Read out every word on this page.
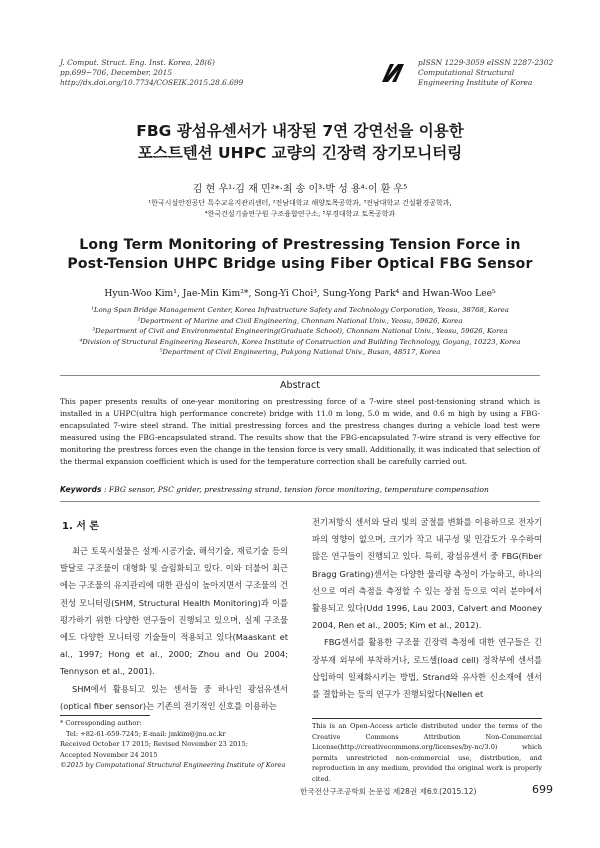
J. Comput. Struct. Eng. Inst. Korea, 28(6)
pp.699~706, December, 2015
http://dx.doi.org/10.7734/COSEIK.2015.28.6.699
pISSN 1229-3059 eISSN 2287-2302
Computational Structural
Engineering Institute of Korea
FBG 광섬유센서가 내장된 7연 강연선을 이용한
포스트텐션 UHPC 교량의 긴장력 장기모니터링
김 현 우¹·김 재 민²*·최 송 이³·박 성 용⁴·이 환 우⁵
¹한국시설안전공단 특수교유지관리센터, ²전남대학교 해양토목공학과, ³전남대학교 건설환경공학과,
⁴한국건설기술연구원 구조융합연구소, ⁵부경대학교 토목공학과
Long Term Monitoring of Prestressing Tension Force in
Post-Tension UHPC Bridge using Fiber Optical FBG Sensor
Hyun-Woo Kim¹, Jae-Min Kim²*, Song-Yi Choi³, Sung-Yong Park⁴ and Hwan-Woo Lee⁵
¹Long Span Bridge Management Center, Korea Infrastructure Safety and Technology Corporation, Yeosu, 38768, Korea
²Department of Marine and Civil Engineering, Chonnam National Univ., Yeosu, 59626, Korea
³Department of Civil and Environmental Engineering(Graduate School), Chonnam National Univ., Yeosu, 59626, Korea
⁴Division of Structural Engineering Research, Korea Institute of Construction and Building Technology, Goyang, 10223, Korea
⁵Department of Civil Engineering, Pukyong National Univ., Busan, 48517, Korea
Abstract
This paper presents results of one-year monitoring on prestressing force of a 7-wire steel post-tensioning strand which is installed in a UHPC(ultra high performance concrete) bridge with 11.0 m long, 5.0 m wide, and 0.6 m high by using a FBG-encapsulated 7-wire steel strand. The initial prestressing forces and the prestress changes during a vehicle load test were measured using the FBG-encapsulated strand. The results show that the FBG-encapsulated 7-wire strand is very effective for monitoring the prestress forces even the change in the tension force is very small. Additionally, it was indicated that selection of the thermal expansion coefficient which is used for the temperature correction shall be carefully carried out.
Keywords : FBG sensor, PSC grider, prestressing strand, tension force monitoring, temperature compensation
1. 서 론

최근 토목시설물은 설계·시공기술, 해석기술, 재료기술 등의 발달로 구조물이 대형화 및 슬림화되고 있다. 이와 더불어 최근에는 구조물의 유지관리에 대한 관심이 높아지면서 구조물의 건전성 모니터링(SHM, Structural Health Monitoring)과 이를 평가하기 위한 다양한 연구들이 진행되고 있으며, 실제 구조물에도 다양한 모니터링 기술들이 적용되고 있다(Maaskant et al., 1997; Hong et al., 2000; Zhou and Ou 2004; Tennyson et al., 2001).

SHM에서 활용되고 있는 센서들 중 하나인 광섬유센서(optical fiber sensor)는 기존의 전기적인 신호를 이용하는

전기저항식 센서와 달리 빛의 굴절를 변화를 이용하므로 전자기파의 영향이 없으며, 크기가 작고 내구성 및 민감도가 우수하여 많은 연구들이 진행되고 있다. 특히, 광섬유센서 중 FBG(Fiber Bragg Grating)센서는 다양한 물리량 측정이 가능하고, 하나의 선으로 여러 측점을 측정할 수 있는 장점 등으로 여러 분야에서 활용되고 있다(Udd 1996, Lau 2003, Calvert and Mooney 2004, Ren et al., 2005; Kim et al., 2012).

FBG센서를 활용한 구조물 긴장력 측정에 대한 연구들은 긴장부재 외부에 부착하거나, 로드셀(load cell) 정착부에 센서를 삽입하여 일체화시키는 방법, Strand와 유사한 신소재에 센서를 결합하는 등의 연구가 진행되었다(Nellen et

* Corresponding author:
Tel: +82-61-659-7245; E-mail: jmkim@jnu.ac.kr
Received October 17 2015; Revised November 23 2015;
Accepted November 24 2015
©2015 by Computational Structural Engineering Institute of Korea
This is an Open-Access article distributed under the terms of the Creative Commons Attribution Non-Commercial License(http://creativecommons.org/licenses/by-nc/3.0) which permits unrestricted non-commercial use, distribution, and reproduction in any medium, provided the original work is properly cited.
한국전산구조공학회 논문집 제28권 제6호(2015.12)	699
